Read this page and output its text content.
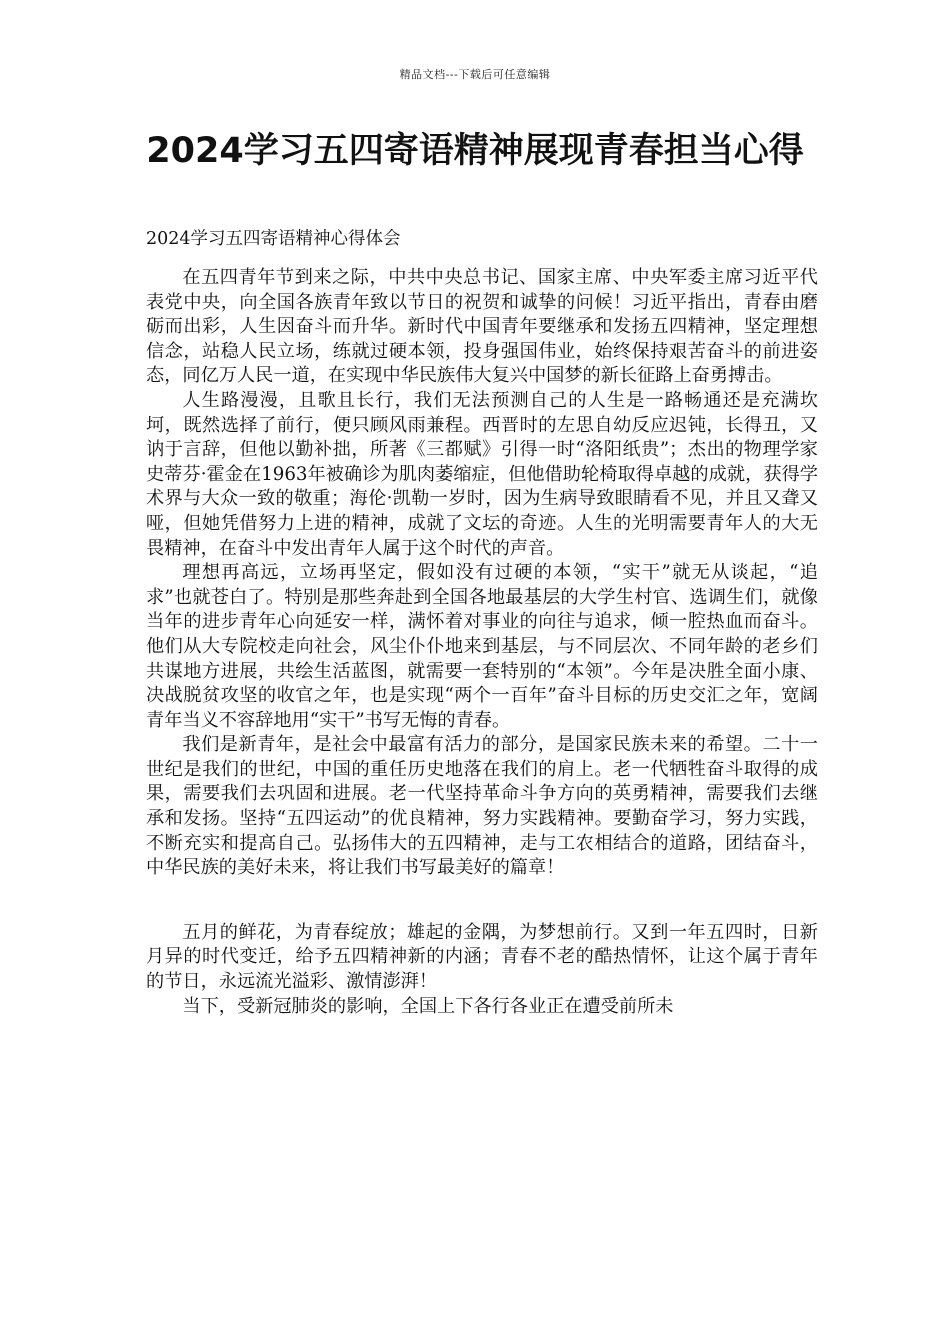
精品文档---下载后可任意编辑
2024学习五四寄语精神展现青春担当心得

2024学习五四寄语精神心得体会

在五四青年节到来之际，中共中央总书记、国家主席、中央军委主席习近平代表党中央，向全国各族青年致以节日的祝贺和诚挚的问候！习近平指出，青春由磨砺而出彩，人生因奋斗而升华。新时代中国青年要继承和发扬五四精神，坚定理想信念，站稳人民立场，练就过硬本领，投身强国伟业，始终保持艰苦奋斗的前进姿态，同亿万人民一道，在实现中华民族伟大复兴中国梦的新长征路上奋勇搏击。

人生路漫漫，且歌且长行，我们无法预测自己的人生是一路畅通还是充满坎坷，既然选择了前行，便只顾风雨兼程。西晋时的左思自幼反应迟钝，长得丑，又讷于言辞，但他以勤补拙，所著《三都赋》引得一时“洛阳纸贵”；杰出的物理学家史蒂芬·霍金在1963年被确诊为肌肉萎缩症，但他借助轮椅取得卓越的成就，获得学术界与大众一致的敬重；海伦·凯勒一岁时，因为生病导致眼睛看不见，并且又聋又哑，但她凭借努力上进的精神，成就了文坛的奇迹。人生的光明需要青年人的大无畏精神，在奋斗中发出青年人属于这个时代的声音。

理想再高远，立场再坚定，假如没有过硬的本领，“实干”就无从谈起，“追求”也就苍白了。特别是那些奔赴到全国各地最基层的大学生村官、选调生们，就像当年的进步青年心向延安一样，满怀着对事业的向往与追求，倾一腔热血而奋斗。他们从大专院校走向社会，风尘仆仆地来到基层，与不同层次、不同年龄的老乡们共谋地方进展，共绘生活蓝图，就需要一套特别的“本领”。今年是决胜全面小康、决战脱贫攻坚的收官之年，也是实现“两个一百年”奋斗目标的历史交汇之年，宽阔青年当义不容辞地用“实干”书写无悔的青春。

我们是新青年，是社会中最富有活力的部分，是国家民族未来的希望。二十一世纪是我们的世纪，中国的重任历史地落在我们的肩上。老一代牺牲奋斗取得的成果，需要我们去巩固和进展。老一代坚持革命斗争方向的英勇精神，需要我们去继承和发扬。坚持“五四运动”的优良精神，努力实践精神。要勤奋学习，努力实践，不断充实和提高自己。弘扬伟大的五四精神，走与工农相结合的道路，团结奋斗，中华民族的美好未来，将让我们书写最美好的篇章！

五月的鲜花，为青春绽放；雄起的金隅，为梦想前行。又到一年五四时，日新月异的时代变迁，给予五四精神新的内涵；青春不老的酷热情怀，让这个属于青年的节日，永远流光溢彩、激情澎湃！

当下，受新冠肺炎的影响，全国上下各行各业正在遭受前所未
